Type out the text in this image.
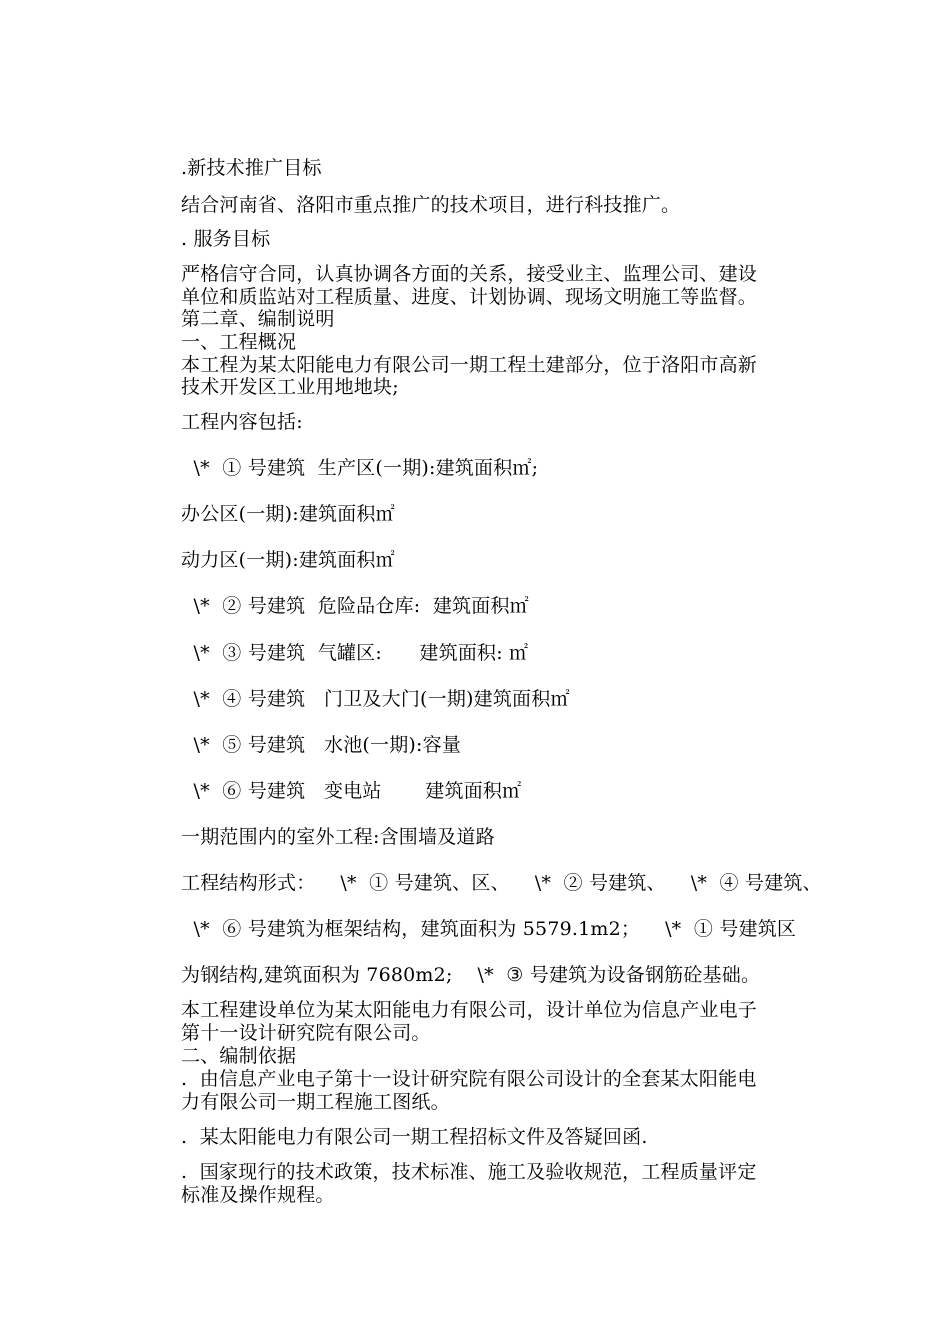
.新技术推广目标
结合河南省、洛阳市重点推广的技术项目，进行科技推广。
. 服务目标
严格信守合同，认真协调各方面的关系，接受业主、监理公司、建设
单位和质监站对工程质量、进度、计划协调、现场文明施工等监督。
第二章、编制说明
一、工程概况
本工程为某太阳能电力有限公司一期工程土建部分，位于洛阳市高新
技术开发区工业用地地块;
工程内容包括:
\*  ① 号建筑  生产区(一期):建筑面积㎡;
办公区(一期):建筑面积㎡
动力区(一期):建筑面积㎡
\*  ② 号建筑  危险品仓库:  建筑面积㎡
\*  ③ 号建筑  气罐区:      建筑面积: ㎡
\*  ④ 号建筑   门卫及大门(一期)建筑面积㎡
\*  ⑤ 号建筑   水池(一期):容量
\*  ⑥ 号建筑   变电站       建筑面积㎡
一期范围内的室外工程:含围墙及道路
工程结构形式：    \*  ① 号建筑、区、    \*  ② 号建筑、    \*  ④ 号建筑、
\*  ⑥ 号建筑为框架结构，建筑面积为 5579.1m2；    \*  ① 号建筑区
为钢结构,建筑面积为 7680m2;    \*  ③ 号建筑为设备钢筋砼基础。
本工程建设单位为某太阳能电力有限公司，设计单位为信息产业电子
第十一设计研究院有限公司。
二、编制依据
.  由信息产业电子第十一设计研究院有限公司设计的全套某太阳能电
力有限公司一期工程施工图纸。
.  某太阳能电力有限公司一期工程招标文件及答疑回函.
.  国家现行的技术政策，技术标准、施工及验收规范，工程质量评定
标准及操作规程。
